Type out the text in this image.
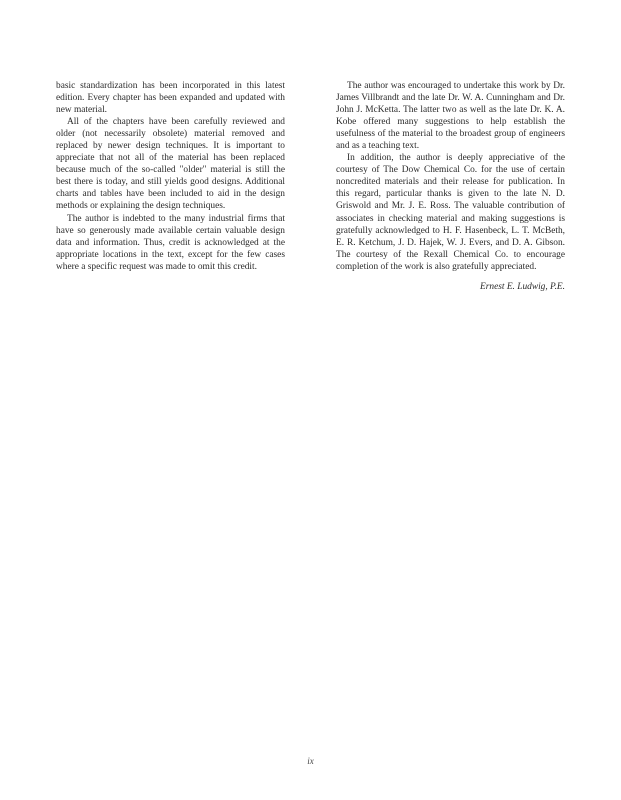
basic standardization has been incorporated in this latest edition. Every chapter has been expanded and updated with new material.

All of the chapters have been carefully reviewed and older (not necessarily obsolete) material removed and replaced by newer design techniques. It is important to appreciate that not all of the material has been replaced because much of the so-called "older" material is still the best there is today, and still yields good designs. Additional charts and tables have been included to aid in the design methods or explaining the design techniques.

The author is indebted to the many industrial firms that have so generously made available certain valuable design data and information. Thus, credit is acknowledged at the appropriate locations in the text, except for the few cases where a specific request was made to omit this credit.

The author was encouraged to undertake this work by Dr. James Villbrandt and the late Dr. W. A. Cunningham and Dr. John J. McKetta. The latter two as well as the late Dr. K. A. Kobe offered many suggestions to help establish the usefulness of the material to the broadest group of engineers and as a teaching text.

In addition, the author is deeply appreciative of the courtesy of The Dow Chemical Co. for the use of certain noncredited materials and their release for publication. In this regard, particular thanks is given to the late N. D. Griswold and Mr. J. E. Ross. The valuable contribution of associates in checking material and making suggestions is gratefully acknowledged to H. F. Hasenbeck, L. T. McBeth, E. R. Ketchum, J. D. Hajek, W. J. Evers, and D. A. Gibson. The courtesy of the Rexall Chemical Co. to encourage completion of the work is also gratefully appreciated.

Ernest E. Ludwig, P.E.
ix
